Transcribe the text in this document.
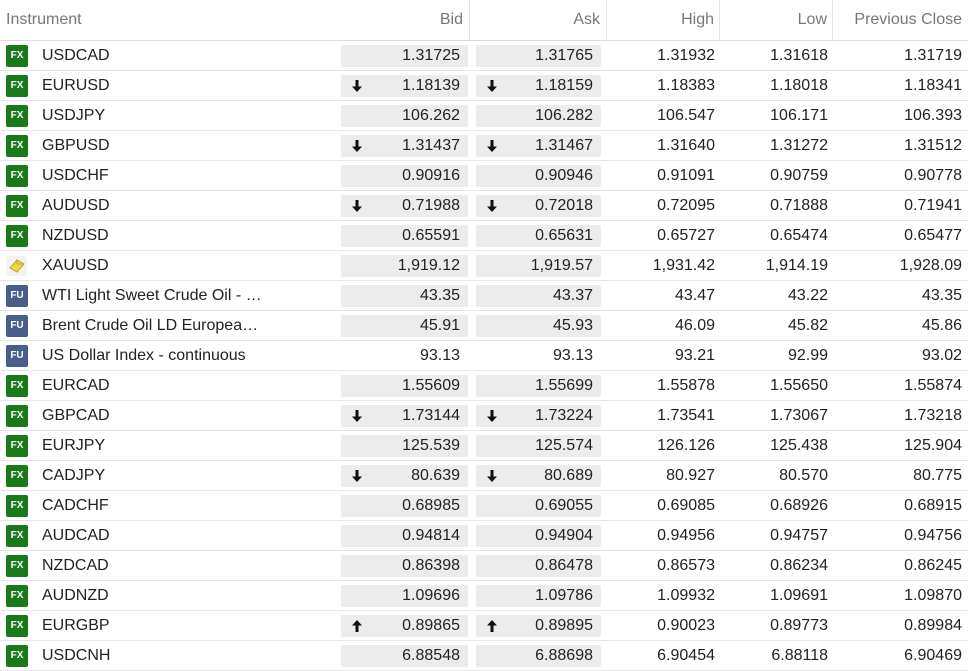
Instrument	Bid	Ask	High	Low	Previous Close
FX USDCAD	1.31725	1.31765	1.31932	1.31618	1.31719
FX EURUSD	1.18139	1.18159	1.18383	1.18018	1.18341
FX USDJPY	106.262	106.282	106.547	106.171	106.393
FX GBPUSD	1.31437	1.31467	1.31640	1.31272	1.31512
FX USDCHF	0.90916	0.90946	0.91091	0.90759	0.90778
FX AUDUSD	0.71988	0.72018	0.72095	0.71888	0.71941
FX NZDUSD	0.65591	0.65631	0.65727	0.65474	0.65477
XAUUSD	1,919.12	1,919.57	1,931.42	1,914.19	1,928.09
FU WTI Light Sweet Crude Oil - …	43.35	43.37	43.47	43.22	43.35
FU Brent Crude Oil LD Europea…	45.91	45.93	46.09	45.82	45.86
FU US Dollar Index - continuous	93.13	93.13	93.21	92.99	93.02
FX EURCAD	1.55609	1.55699	1.55878	1.55650	1.55874
FX GBPCAD	1.73144	1.73224	1.73541	1.73067	1.73218
FX EURJPY	125.539	125.574	126.126	125.438	125.904
FX CADJPY	80.639	80.689	80.927	80.570	80.775
FX CADCHF	0.68985	0.69055	0.69085	0.68926	0.68915
FX AUDCAD	0.94814	0.94904	0.94956	0.94757	0.94756
FX NZDCAD	0.86398	0.86478	0.86573	0.86234	0.86245
FX AUDNZD	1.09696	1.09786	1.09932	1.09691	1.09870
FX EURGBP	0.89865	0.89895	0.90023	0.89773	0.89984
FX USDCNH	6.88548	6.88698	6.90454	6.88118	6.90469
